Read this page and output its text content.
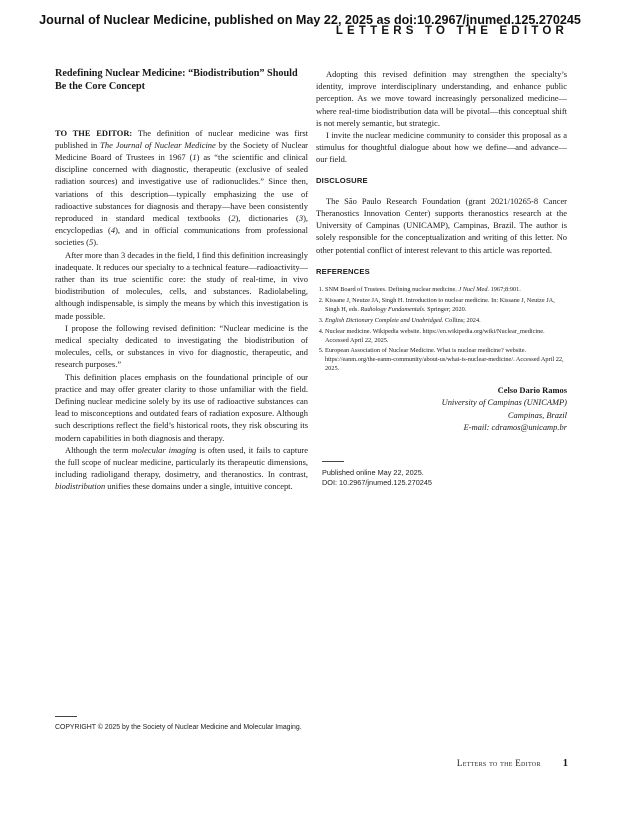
Journal of Nuclear Medicine, published on May 22, 2025 as doi:10.2967/jnumed.125.270245
LETTERS TO THE EDITOR
Redefining Nuclear Medicine: “Biodistribution” Should Be the Core Concept

TO THE EDITOR: The definition of nuclear medicine was first published in The Journal of Nuclear Medicine by the Society of Nuclear Medicine Board of Trustees in 1967 (1) as “the scientific and clinical discipline concerned with diagnostic, therapeutic (exclusive of sealed radiation sources) and investigative use of radionuclides.” Since then, variations of this description—typically emphasizing the use of radioactive substances for diagnosis and therapy—have been consistently reproduced in standard medical textbooks (2), dictionaries (3), encyclopedias (4), and in official communications from professional societies (5).

After more than 3 decades in the field, I find this definition increasingly inadequate. It reduces our specialty to a technical feature—radioactivity—rather than its true scientific core: the study of real-time, in vivo biodistribution of molecules, cells, and substances. Radiolabeling, although indispensable, is simply the means by which this investigation is made possible.

I propose the following revised definition: “Nuclear medicine is the medical specialty dedicated to investigating the biodistribution of molecules, cells, or substances in vivo for diagnostic, therapeutic, and research purposes.”

This definition places emphasis on the foundational principle of our practice and may offer greater clarity to those unfamiliar with the field. Defining nuclear medicine solely by its use of radioactive substances can lead to misconceptions and outdated fears of radiation exposure. Although such descriptions reflect the field’s historical roots, they risk obscuring its modern capabilities in both diagnosis and therapy.

Although the term molecular imaging is often used, it fails to capture the full scope of nuclear medicine, particularly its therapeutic dimensions, including radioligand therapy, dosimetry, and theranostics. In contrast, biodistribution unifies these domains under a single, intuitive concept.

Adopting this revised definition may strengthen the specialty’s identity, improve interdisciplinary understanding, and enhance public perception. As we move toward increasingly personalized medicine—where real-time biodistribution data will be pivotal—this conceptual shift is not merely semantic, but strategic.

I invite the nuclear medicine community to consider this proposal as a stimulus for thoughtful dialogue about how we define—and advance—our field.

DISCLOSURE

The São Paulo Research Foundation (grant 2021/10265-8 Cancer Theranostics Innovation Center) supports theranostics research at the University of Campinas (UNICAMP), Campinas, Brazil. The author is solely responsible for the conceptualization and writing of this letter. No other potential conflict of interest relevant to this article was reported.

REFERENCES
1. SNM Board of Trustees. Defining nuclear medicine. J Nucl Med. 1967;8:901.
2. Kissane J, Neutze JA, Singh H. Introduction to nuclear medicine. In: Kissane J, Neutze JA, Singh H, eds. Radiology Fundamentals. Springer; 2020.
3. English Dictionary Complete and Unabridged. Collins; 2024.
4. Nuclear medicine. Wikipedia website. https://en.wikipedia.org/wiki/Nuclear_medicine. Accessed April 22, 2025.
5. European Association of Nuclear Medicine. What is nuclear medicine? website. https://eanm.org/the-eanm-community/about-us/what-is-nuclear-medicine/. Accessed April 22, 2025.
Celso Dario Ramos
University of Campinas (UNICAMP)
Campinas, Brazil
E-mail: cdramos@unicamp.br
Published online May 22, 2025.
DOI: 10.2967/jnumed.125.270245
COPYRIGHT © 2025 by the Society of Nuclear Medicine and Molecular Imaging.
Letters to the Editor 1
